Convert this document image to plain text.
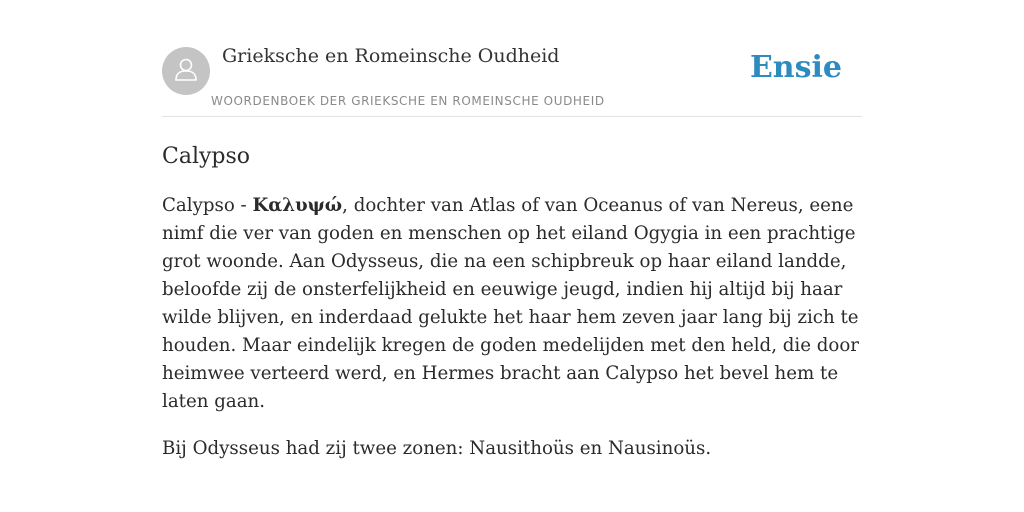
Grieksche en Romeinsche Oudheid
WOORDENBOEK DER GRIEKSCHE EN ROMEINSCHE OUDHEID
Ensie
Calypso

Calypso - Καλυψώ, dochter van Atlas of van Oceanus of van Nereus, eene nimf die ver van goden en menschen op het eiland Ogygia in een prachtige grot woonde. Aan Odysseus, die na een schipbreuk op haar eiland landde, beloofde zij de onsterfelijkheid en eeuwige jeugd, indien hij altijd bij haar wilde blijven, en inderdaad gelukte het haar hem zeven jaar lang bij zich te houden. Maar eindelijk kregen de goden medelijden met den held, die door heimwee verteerd werd, en Hermes bracht aan Calypso het bevel hem te laten gaan.

Bij Odysseus had zij twee zonen: Nausithoüs en Nausinoüs.
